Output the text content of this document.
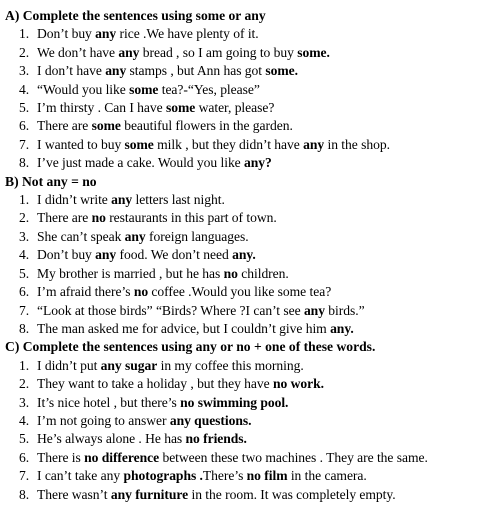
A) Complete the sentences using some or any
1. Don’t buy any rice .We have plenty of it.
2. We don’t have any bread , so I am going to buy some.
3. I don’t have any stamps , but Ann has got some.
4. “Would you like some tea?-“Yes, please”
5. I’m thirsty . Can I have some water, please?
6. There are some beautiful flowers in the garden.
7. I wanted to buy some milk , but they didn’t have any in the shop.
8. I’ve just made a cake. Would you like any?
B) Not any = no
1. I didn’t write any letters last night.
2. There are no restaurants in this part of town.
3. She can’t speak any foreign languages.
4. Don’t buy any food. We don’t need any.
5. My brother is married , but he has no children.
6. I’m afraid there’s no coffee .Would you like some tea?
7. “Look at those birds” “Birds? Where ?I can’t see any birds.”
8. The man asked me for advice, but I couldn’t give him any.
C) Complete the sentences using any or no + one of these words.
1. I didn’t put any sugar in my coffee this morning.
2. They want to take a holiday , but they have no work.
3. It’s nice hotel , but there’s no swimming pool.
4. I’m not going to answer any questions.
5. He’s always alone . He has no friends.
6. There is no difference between these two machines . They are the same.
7. I can’t take any photographs .There’s no film in the camera.
8. There wasn’t any furniture in the room. It was completely empty.
